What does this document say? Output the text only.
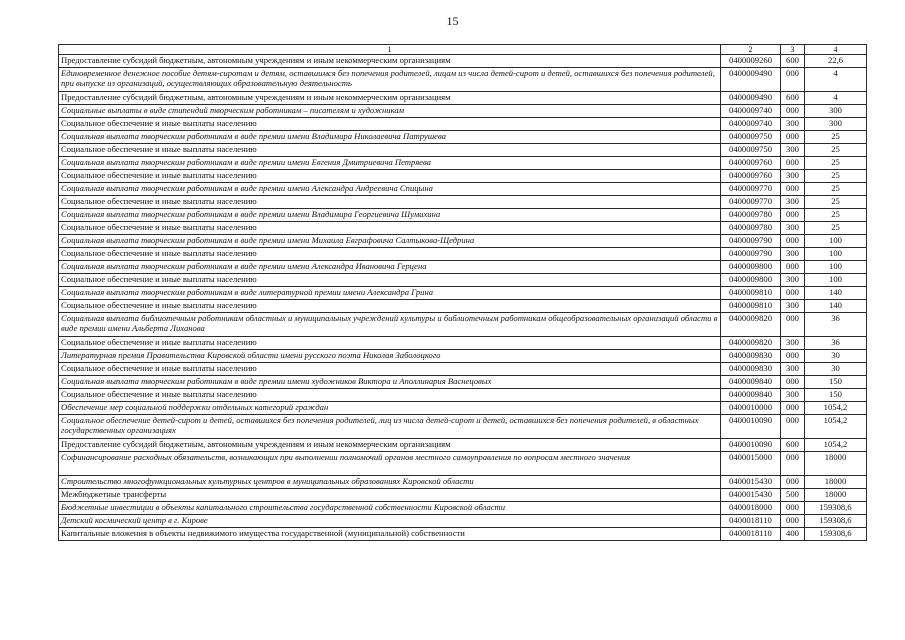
15
1	2	3	4
Предоставление субсидий бюджетным, автономным учреждениям и иным некоммерческим организациям	0400009260	600	22,6
Единовременное денежное пособие детям-сиротам и детям, оставшимся без попечения родителей, лицам из числа детей-сирот и детей, оставшихся без попечения родителей, при выпуске из организаций, осуществляющих образовательную деятельность	0400009490	000	4
Предоставление субсидий бюджетным, автономным учреждениям и иным некоммерческим организациям	0400009490	600	4
Социальные выплаты в виде стипендий творческим работникам – писателям и художникам	0400009740	000	300
Социальное обеспечение и иные выплаты населению	0400009740	300	300
Социальная выплата творческим работникам в виде премии имени Владимира Николаевича Патрушева	0400009750	000	25
Социальное обеспечение и иные выплаты населению	0400009750	300	25
Социальная выплата творческим работникам в виде премии имени Евгения Дмитриевича Петряева	0400009760	000	25
Социальное обеспечение и иные выплаты населению	0400009760	300	25
Социальная выплата творческим работникам в виде премии имени Александра Андреевича Спицына	0400009770	000	25
Социальное обеспечение и иные выплаты населению	0400009770	300	25
Социальная выплата творческим работникам в виде премии имени Владимира Георгиевича Шумихина	0400009780	000	25
Социальное обеспечение и иные выплаты населению	0400009780	300	25
Социальная выплата творческим работникам в виде премии имени Михаила Евграфовича Салтыкова-Щедрина	0400009790	000	100
Социальное обеспечение и иные выплаты населению	0400009790	300	100
Социальная выплата творческим работникам в виде премии имени Александра Ивановича Герцена	0400009800	000	100
Социальное обеспечение и иные выплаты населению	0400009800	300	100
Социальная выплата творческим работникам в виде литературной премии имени Александра Грина	0400009810	000	140
Социальное обеспечение и иные выплаты населению	0400009810	300	140
Социальная выплата библиотечным работникам областных и муниципальных учреждений культуры и библиотечным работникам общеобразовательных организаций области в виде премии имени Альберта Лиханова	0400009820	000	36
Социальное обеспечение и иные выплаты населению	0400009820	300	36
Литературная премия Правительства Кировской области имени русского поэта Николая Заболоцкого	0400009830	000	30
Социальное обеспечение и иные выплаты населению	0400009830	300	30
Социальная выплата творческим работникам в виде премии имени художников Виктора и Аполлинария Васнецовых	0400009840	000	150
Социальное обеспечение и иные выплаты населению	0400009840	300	150
Обеспечение мер социальной поддержки отдельных категорий граждан	0400010000	000	1054,2
Социальное обеспечение детей-сирот и детей, оставшихся без попечения родителей, лиц из числа детей-сирот и детей, оставшихся без попечения родителей, в областных государственных организациях	0400010090	000	1054,2
Предоставление субсидий бюджетным, автономным учреждениям и иным некоммерческим организациям	0400010090	600	1054,2
Софинансирование расходных обязательств, возникающих при выполнении полномочий органов местного самоуправления по вопросам местного значения	0400015000	000	18000
Строительство многофункциональных культурных центров в муниципальных образованиях Кировской области	0400015430	000	18000
Межбюджетные трансферты	0400015430	500	18000
Бюджетные инвестиции в объекты капитального строительства государственной собственности Кировской области	0400018000	000	159308,6
Детский космический центр в г. Кирове	0400018110	000	159308,6
Капитальные вложения в объекты недвижимого имущества государственной (муниципальной) собственности	0400018110	400	159308,6
